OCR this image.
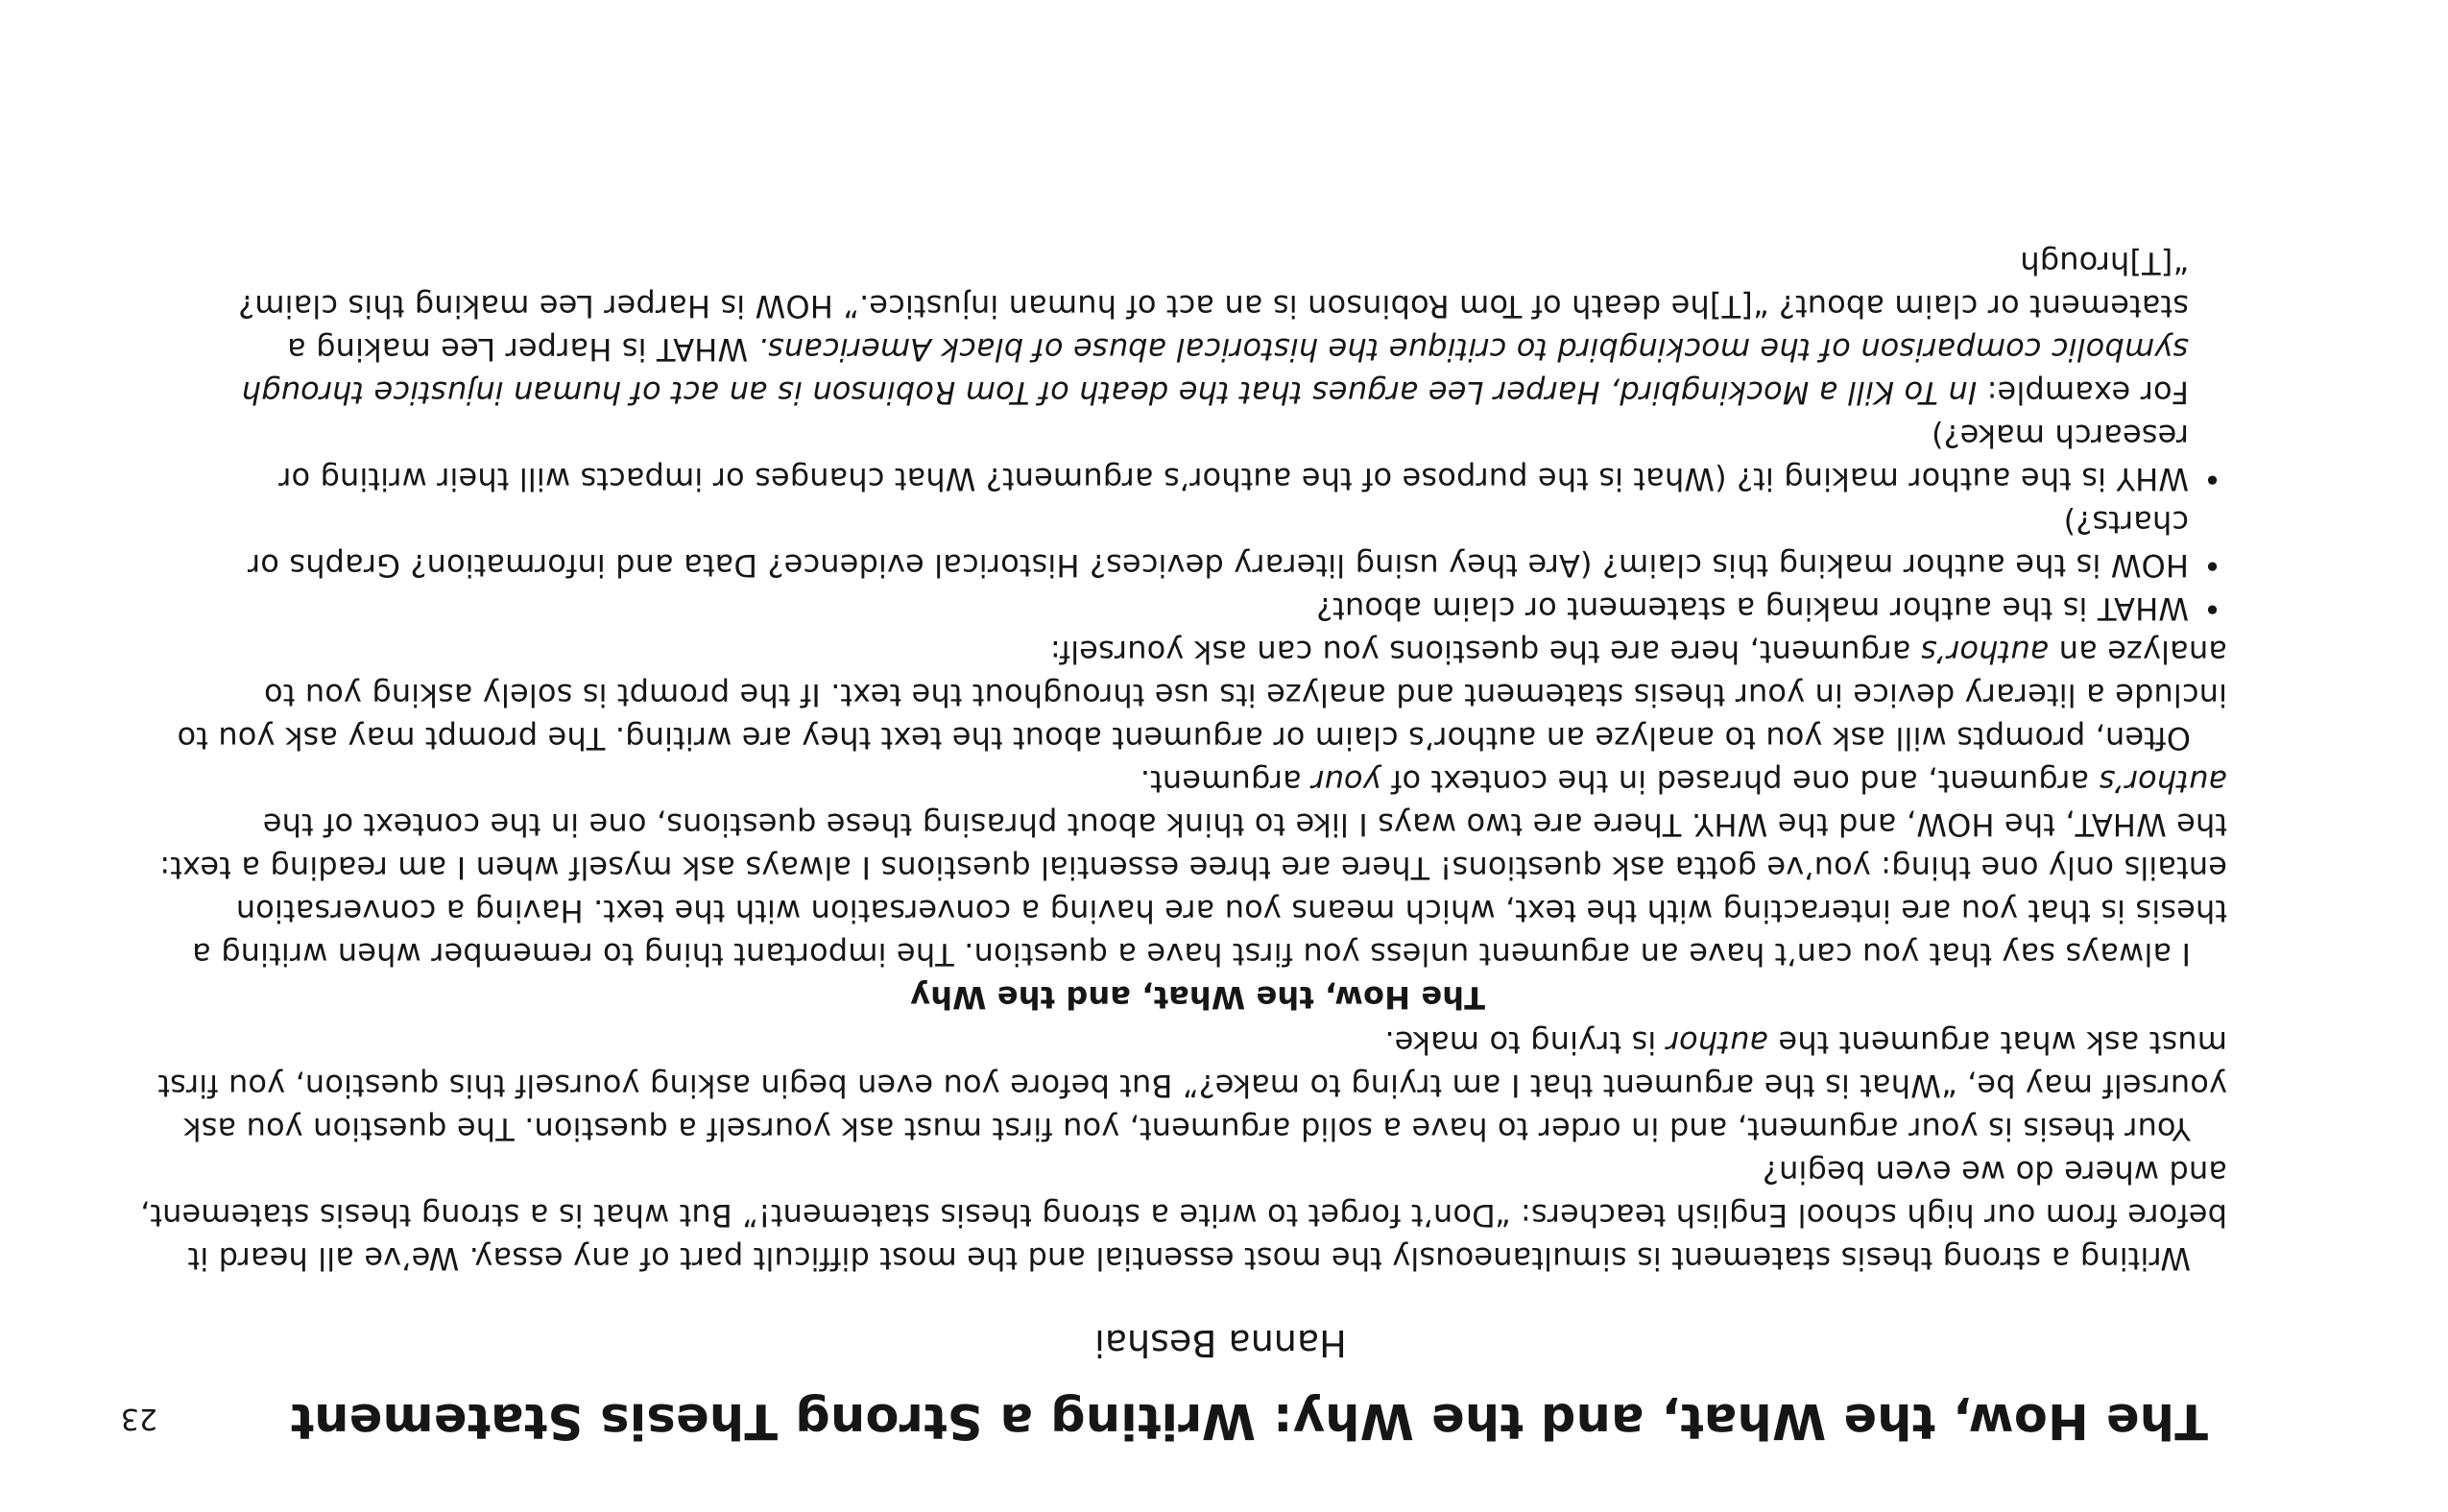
23	The How, the What, and the Why: Writing a Strong Thesis Statement
Hanna Beshai

Writing a strong thesis statement is simultaneously the most essential and the most difficult part of any essay. We’ve all heard it before from our high school English teachers: “Don’t forget to write a strong thesis statement!” But what is a strong thesis statement, and where do we even begin?

Your thesis is your argument, and in order to have a solid argument, you first must ask yourself a question. The question you ask yourself may be, “What is the argument that I am trying to make?” But before you even begin asking yourself this question, you first must ask what argument the author is trying to make.

The How, the What, and the Why

I always say that you can’t have an argument unless you first have a question. The important thing to remember when writing a thesis is that you are interacting with the text, which means you are having a conversation with the text. Having a conversation entails only one thing: you’ve gotta ask questions! There are three essential questions I always ask myself when I am reading a text: the WHAT, the HOW, and the WHY. There are two ways I like to think about phrasing these questions, one in the context of the author’s argument, and one phrased in the context of your argument.

Often, prompts will ask you to analyze an author’s claim or argument about the text they are writing. The prompt may ask you to include a literary device in your thesis statement and analyze its use throughout the text. If the prompt is solely asking you to analyze an author’s argument, here are the questions you can ask yourself:

•
WHAT is the author making a statement or claim about?
•
HOW is the author making this claim? (Are they using literary devices? Historical evidence? Data and information? Graphs or charts?)
•
WHY is the author making it? (What is the purpose of the author’s argument? What changes or impacts will their writing or research make?)

For example: In To Kill a Mockingbird, Harper Lee argues that the death of Tom Robinson is an act of human injustice through symbolic comparison of the mockingbird to critique the historical abuse of black Americans. WHAT is Harper Lee making a statement or claim about? “[T]he death of Tom Robinson is an act of human injustice.” HOW is Harper Lee making this claim? “[T]hrough
